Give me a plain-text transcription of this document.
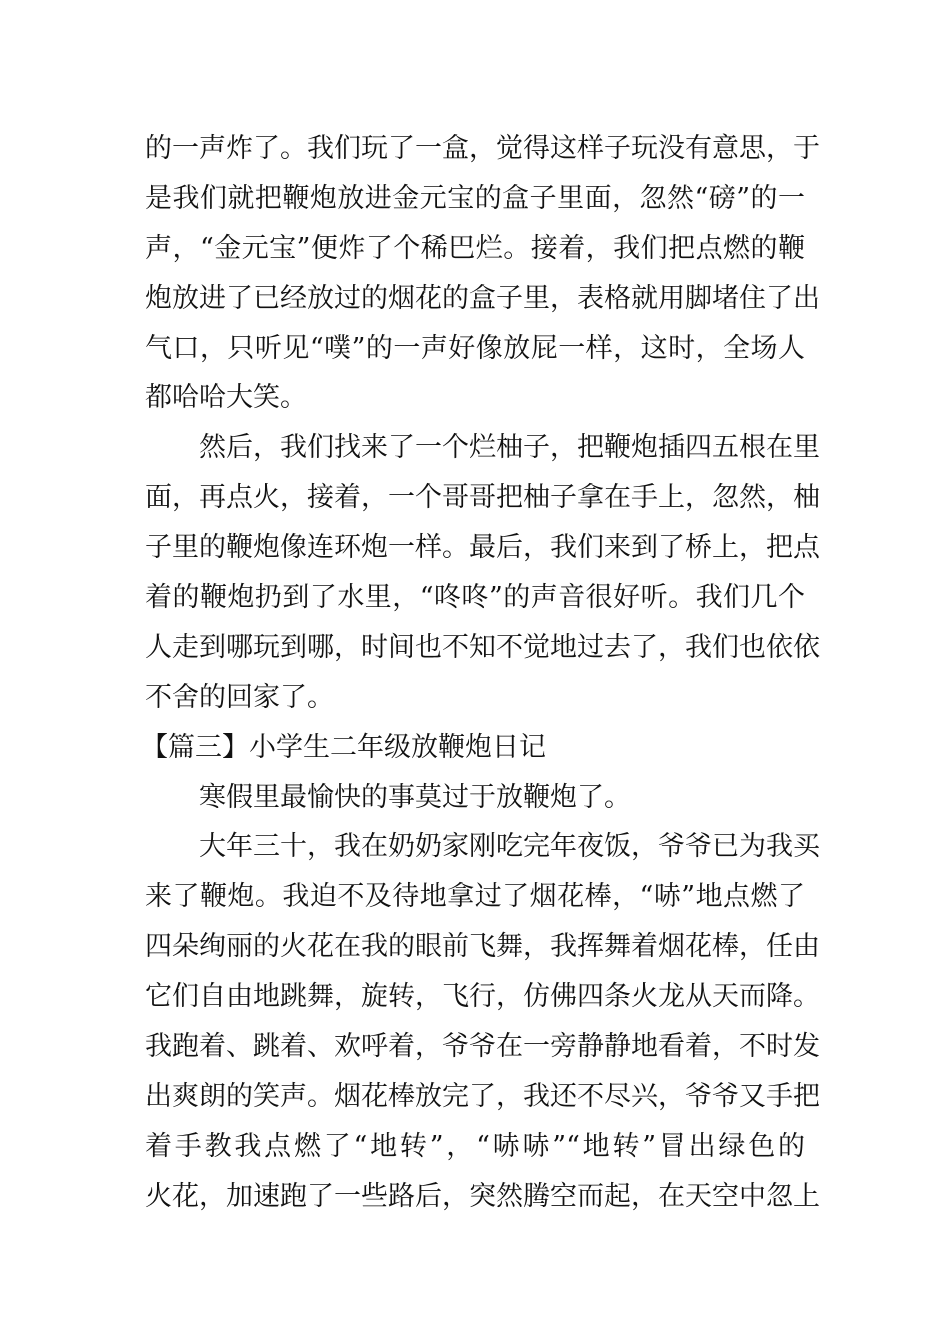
的一声炸了。我们玩了一盒，觉得这样子玩没有意思，于
是我们就把鞭炮放进金元宝的盒子里面，忽然“磅”的一
声，“金元宝”便炸了个稀巴烂。接着，我们把点燃的鞭
炮放进了已经放过的烟花的盒子里，表格就用脚堵住了出
气口，只听见“噗”的一声好像放屁一样，这时，全场人
都哈哈大笑。
然后，我们找来了一个烂柚子，把鞭炮插四五根在里
面，再点火，接着，一个哥哥把柚子拿在手上，忽然，柚
子里的鞭炮像连环炮一样。最后，我们来到了桥上，把点
着的鞭炮扔到了水里，“咚咚”的声音很好听。我们几个
人走到哪玩到哪，时间也不知不觉地过去了，我们也依依
不舍的回家了。
【篇三】小学生二年级放鞭炮日记
寒假里最愉快的事莫过于放鞭炮了。
大年三十，我在奶奶家刚吃完年夜饭，爷爷已为我买
来了鞭炮。我迫不及待地拿过了烟花棒，“哧”地点燃了
四朵绚丽的火花在我的眼前飞舞，我挥舞着烟花棒，任由
它们自由地跳舞，旋转，飞行，仿佛四条火龙从天而降。
我跑着、跳着、欢呼着，爷爷在一旁静静地看着，不时发
出爽朗的笑声。烟花棒放完了，我还不尽兴，爷爷又手把
着手教我点燃了“地转”，“哧哧”“地转”冒出绿色的
火花，加速跑了一些路后，突然腾空而起，在天空中忽上
